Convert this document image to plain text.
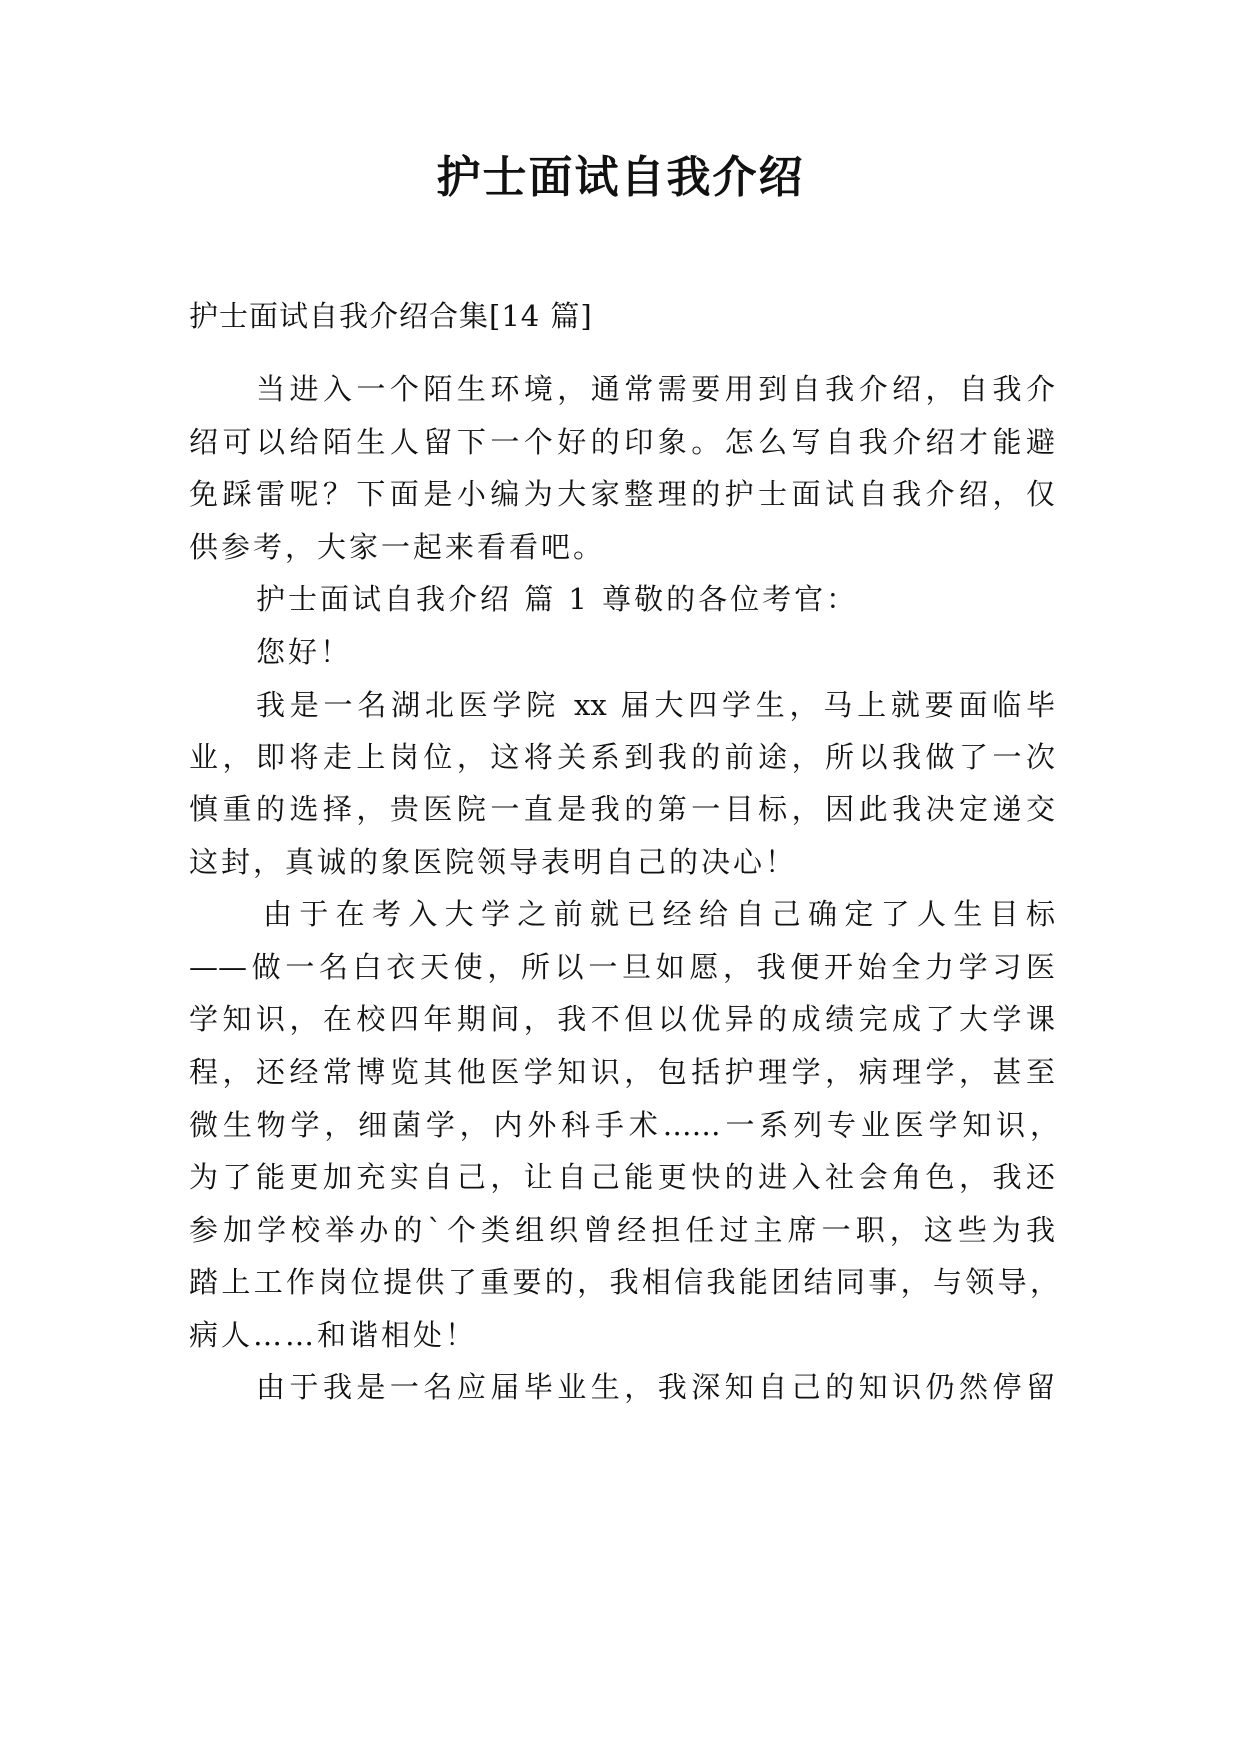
护士面试自我介绍

护士面试自我介绍合集[14 篇]

当进入一个陌生环境，通常需要用到自我介绍，自我介

绍可以给陌生人留下一个好的印象。怎么写自我介绍才能避

免踩雷呢？下面是小编为大家整理的护士面试自我介绍，仅

供参考，大家一起来看看吧。

护士面试自我介绍 篇 1 尊敬的各位考官：

您好！

我是一名湖北医学院 xx 届大四学生，马上就要面临毕

业，即将走上岗位，这将关系到我的前途，所以我做了一次

慎重的选择，贵医院一直是我的第一目标，因此我决定递交

这封，真诚的象医院领导表明自己的决心！

由于在考入大学之前就已经给自己确定了人生目标

——做一名白衣天使，所以一旦如愿，我便开始全力学习医

学知识，在校四年期间，我不但以优异的成绩完成了大学课

程，还经常博览其他医学知识，包括护理学，病理学，甚至

微生物学，细菌学，内外科手术……一系列专业医学知识，

为了能更加充实自己，让自己能更快的进入社会角色，我还

参加学校举办的`个类组织曾经担任过主席一职，这些为我

踏上工作岗位提供了重要的，我相信我能团结同事，与领导，

病人……和谐相处！

由于我是一名应届毕业生，我深知自己的知识仍然停留
